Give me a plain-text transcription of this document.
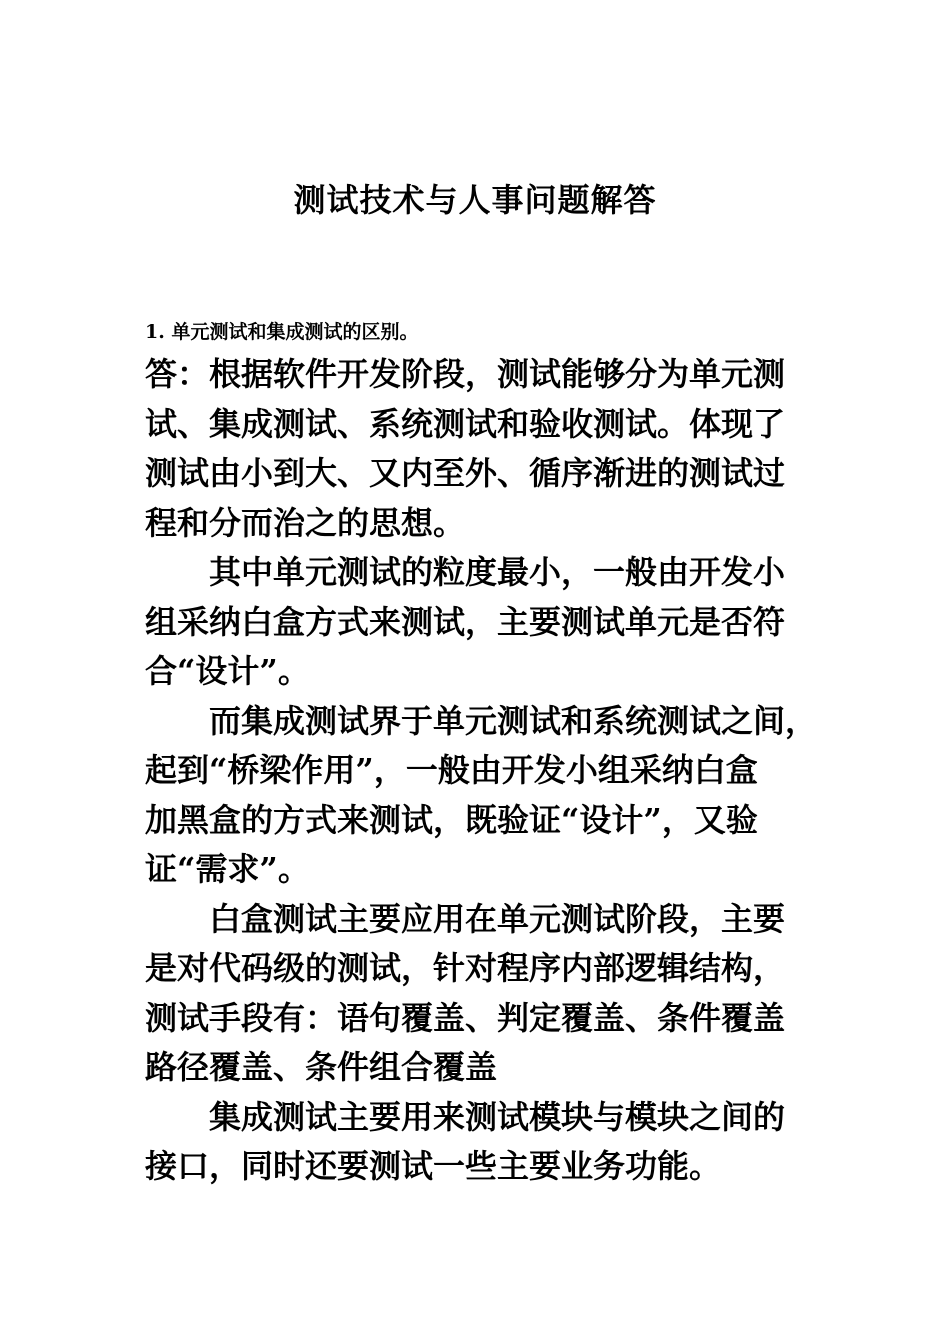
测试技术与人事问题解答

1. 单元测试和集成测试的区别。

答：根据软件开发阶段，测试能够分为单元测
试、集成测试、系统测试和验收测试。体现了
测试由小到大、又内至外、循序渐进的测试过
程和分而治之的思想。
　　其中单元测试的粒度最小，一般由开发小
组采纳白盒方式来测试，主要测试单元是否符
合“设计”。
　　而集成测试界于单元测试和系统测试之间，
起到“桥梁作用”，一般由开发小组采纳白盒
加黑盒的方式来测试，既验证“设计”，又验
证“需求”。
　　白盒测试主要应用在单元测试阶段，主要
是对代码级的测试，针对程序内部逻辑结构，
测试手段有：语句覆盖、判定覆盖、条件覆盖
路径覆盖、条件组合覆盖
　　集成测试主要用来测试模块与模块之间的
接口，同时还要测试一些主要业务功能。
